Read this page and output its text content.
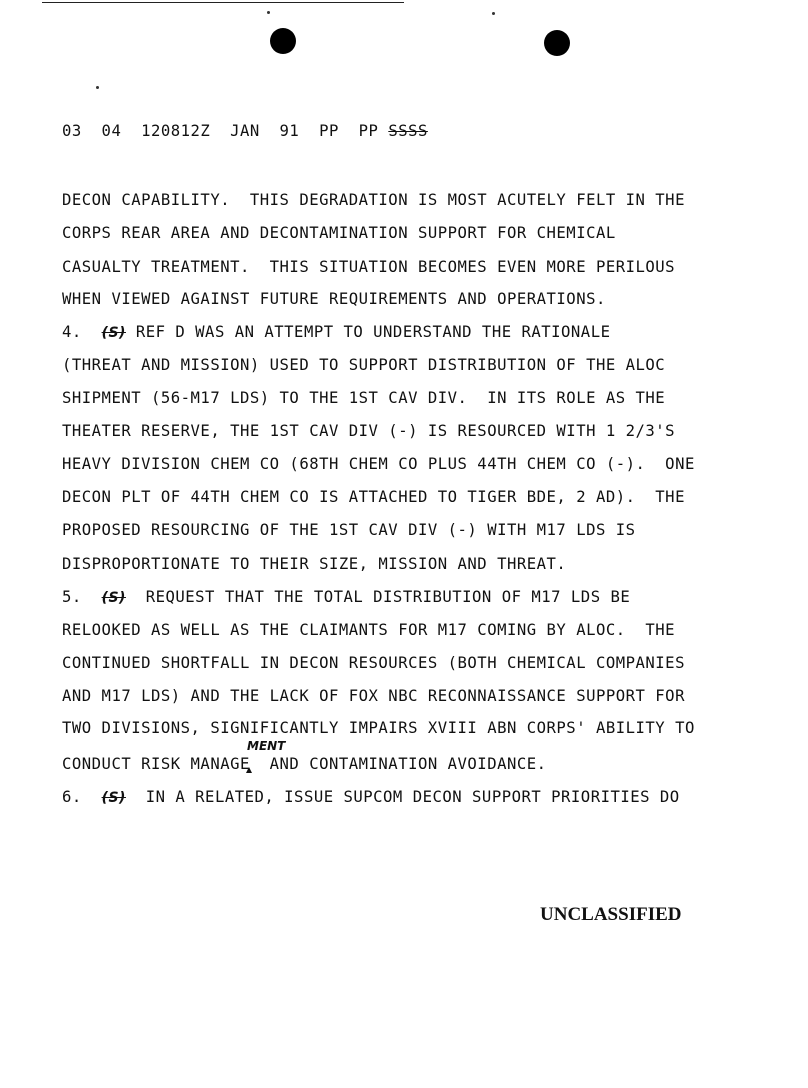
03  04  120812Z  JAN  91  PP  PP SSSS
DECON CAPABILITY.  THIS DEGRADATION IS MOST ACUTELY FELT IN THE
CORPS REAR AREA AND DECONTAMINATION SUPPORT FOR CHEMICAL
CASUALTY TREATMENT.  THIS SITUATION BECOMES EVEN MORE PERILOUS
WHEN VIEWED AGAINST FUTURE REQUIREMENTS AND OPERATIONS.
4.  (S) REF D WAS AN ATTEMPT TO UNDERSTAND THE RATIONALE
(THREAT AND MISSION) USED TO SUPPORT DISTRIBUTION OF THE ALOC
SHIPMENT (56-M17 LDS) TO THE 1ST CAV DIV.  IN ITS ROLE AS THE
THEATER RESERVE, THE 1ST CAV DIV (-) IS RESOURCED WITH 1 2/3'S
HEAVY DIVISION CHEM CO (68TH CHEM CO PLUS 44TH CHEM CO (-).  ONE
DECON PLT OF 44TH CHEM CO IS ATTACHED TO TIGER BDE, 2 AD).  THE
PROPOSED RESOURCING OF THE 1ST CAV DIV (-) WITH M17 LDS IS
DISPROPORTIONATE TO THEIR SIZE, MISSION AND THREAT.
5.  (S)  REQUEST THAT THE TOTAL DISTRIBUTION OF M17 LDS BE
RELOOKED AS WELL AS THE CLAIMANTS FOR M17 COMING BY ALOC.  THE
CONTINUED SHORTFALL IN DECON RESOURCES (BOTH CHEMICAL COMPANIES
AND M17 LDS) AND THE LACK OF FOX NBC RECONNAISSANCE SUPPORT FOR
TWO DIVISIONS, SIGNIFICANTLY IMPAIRS XVIII ABN CORPS' ABILITY TO
MENT
CONDUCT RISK MANAGE  AND CONTAMINATION AVOIDANCE.
6.  (S)  IN A RELATED, ISSUE SUPCOM DECON SUPPORT PRIORITIES DO
UNCLASSIFIED
